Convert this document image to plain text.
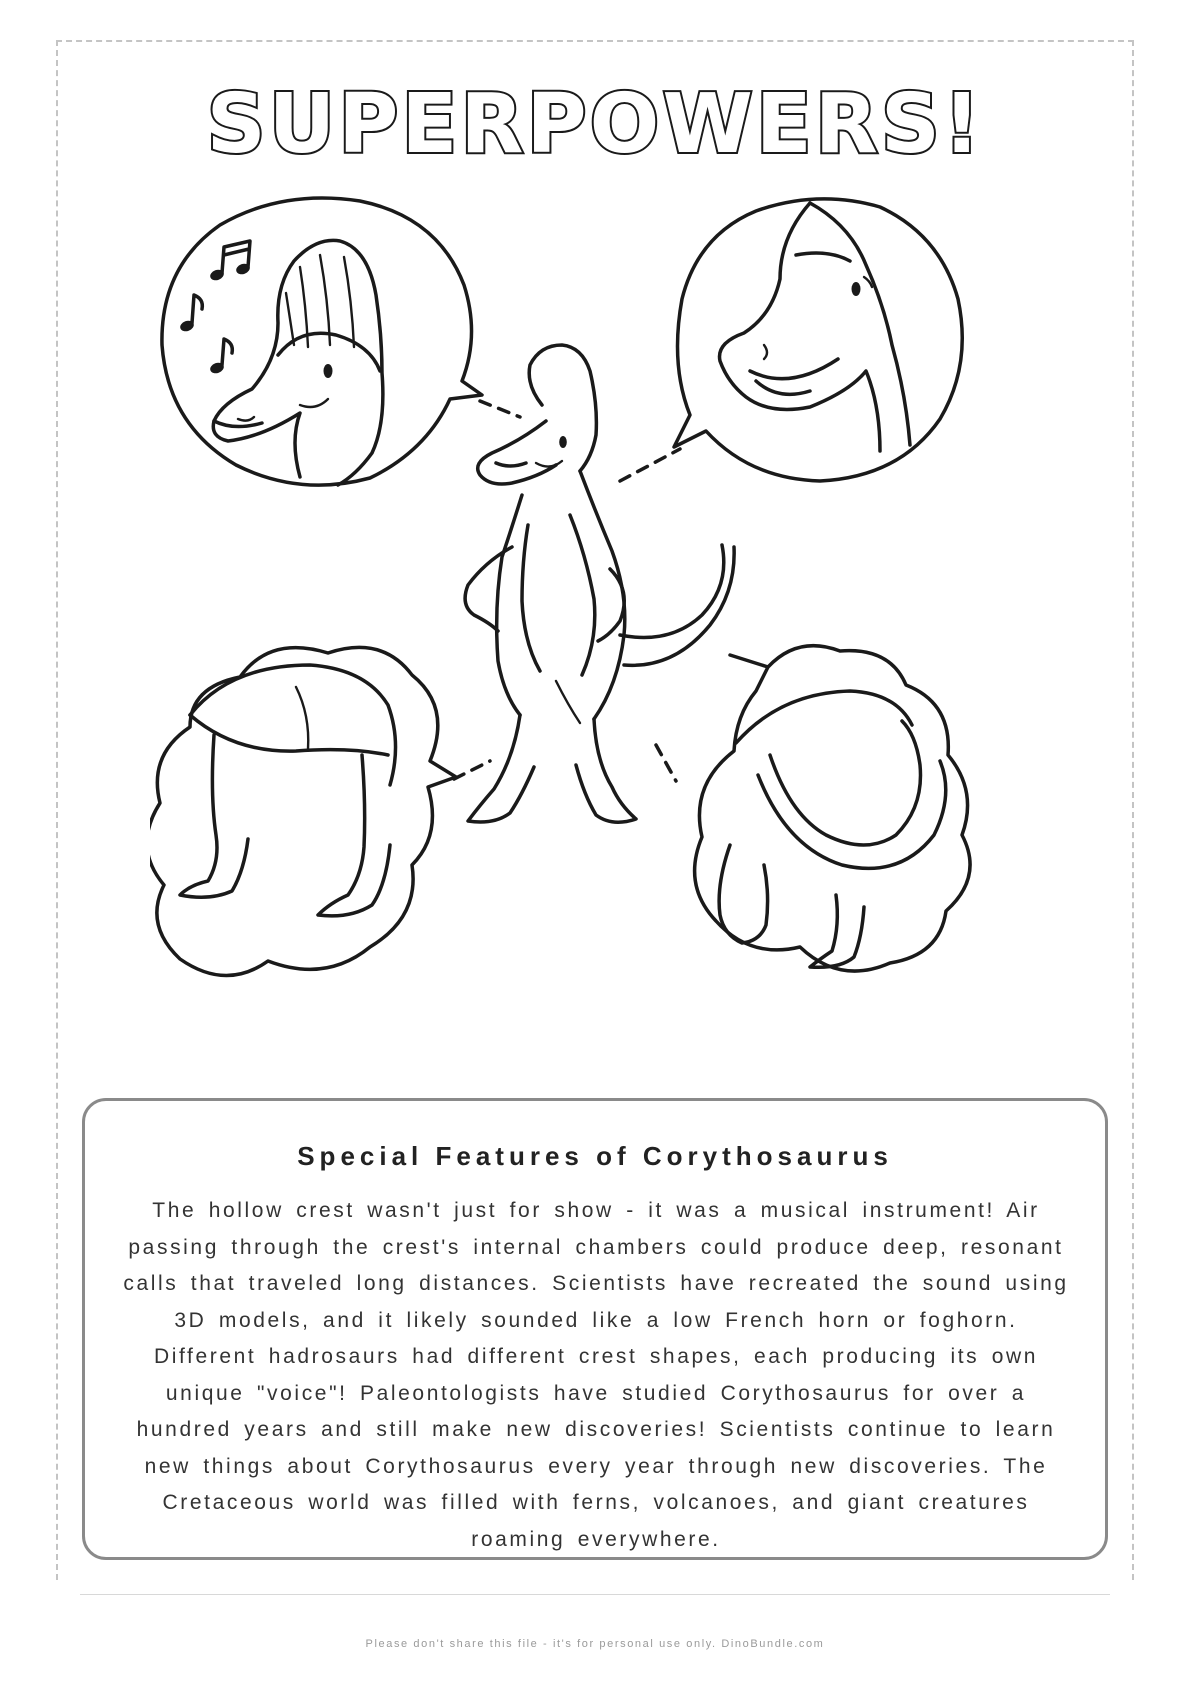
SUPERPOWERS!
Special Features of Corythosaurus

The hollow crest wasn't just for show - it was a musical instrument! Air passing through the crest's internal chambers could produce deep, resonant calls that traveled long distances. Scientists have recreated the sound using 3D models, and it likely sounded like a low French horn or foghorn. Different hadrosaurs had different crest shapes, each producing its own unique "voice"! Paleontologists have studied Corythosaurus for over a hundred years and still make new discoveries! Scientists continue to learn new things about Corythosaurus every year through new discoveries. The Cretaceous world was filled with ferns, volcanoes, and giant creatures roaming everywhere.

Please don't share this file - it's for personal use only. DinoBundle.com
